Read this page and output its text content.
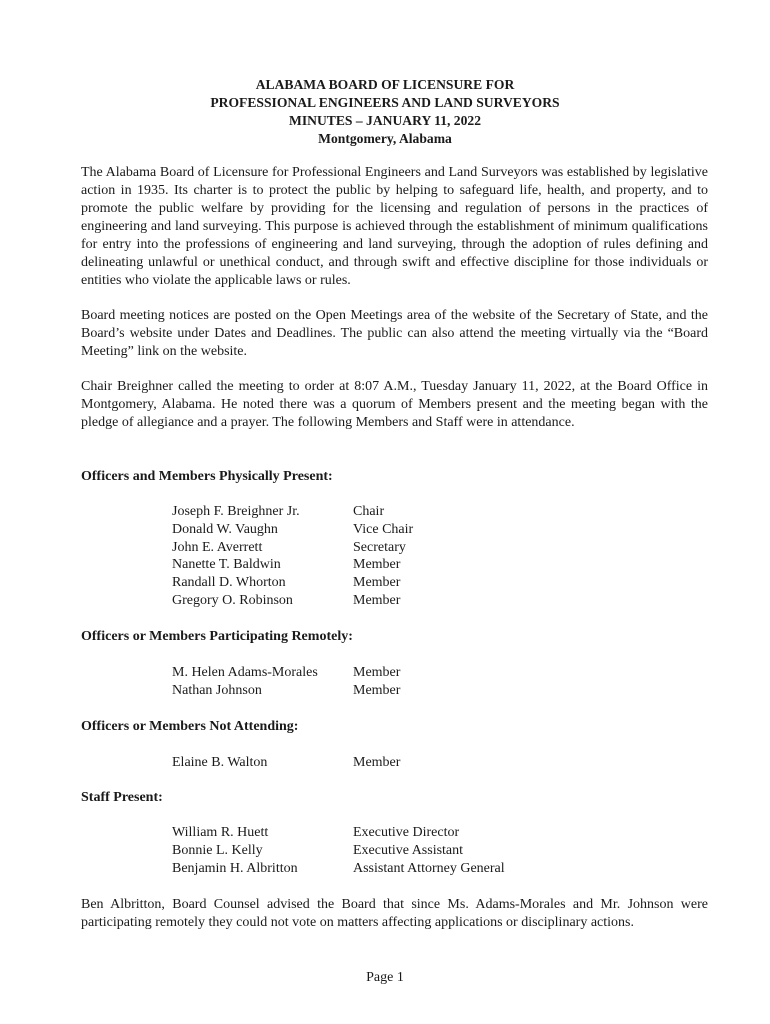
ALABAMA BOARD OF LICENSURE FOR
PROFESSIONAL ENGINEERS AND LAND SURVEYORS
MINUTES – JANUARY 11, 2022
Montgomery, Alabama

The Alabama Board of Licensure for Professional Engineers and Land Surveyors was established by legislative action in 1935. Its charter is to protect the public by helping to safeguard life, health, and property, and to promote the public welfare by providing for the licensing and regulation of persons in the practices of engineering and land surveying. This purpose is achieved through the establishment of minimum qualifications for entry into the professions of engineering and land surveying, through the adoption of rules defining and delineating unlawful or unethical conduct, and through swift and effective discipline for those individuals or entities who violate the applicable laws or rules.

Board meeting notices are posted on the Open Meetings area of the website of the Secretary of State, and the Board’s website under Dates and Deadlines. The public can also attend the meeting virtually via the “Board Meeting” link on the website.

Chair Breighner called the meeting to order at 8:07 A.M., Tuesday January 11, 2022, at the Board Office in Montgomery, Alabama. He noted there was a quorum of Members present and the meeting began with the pledge of allegiance and a prayer. The following Members and Staff were in attendance.

Officers and Members Physically Present:
Joseph F. Breighner Jr.	Chair
Donald W. Vaughn	Vice Chair
John E. Averrett	Secretary
Nanette T. Baldwin	Member
Randall D. Whorton	Member
Gregory O. Robinson	Member
Officers or Members Participating Remotely:
M. Helen Adams-Morales	Member
Nathan Johnson	Member
Officers or Members Not Attending:
Elaine B. Walton	Member
Staff Present:
William R. Huett	Executive Director
Bonnie L. Kelly	Executive Assistant
Benjamin H. Albritton	Assistant Attorney General

Ben Albritton, Board Counsel advised the Board that since Ms. Adams-Morales and Mr. Johnson were participating remotely they could not vote on matters affecting applications or disciplinary actions.

Page 1
